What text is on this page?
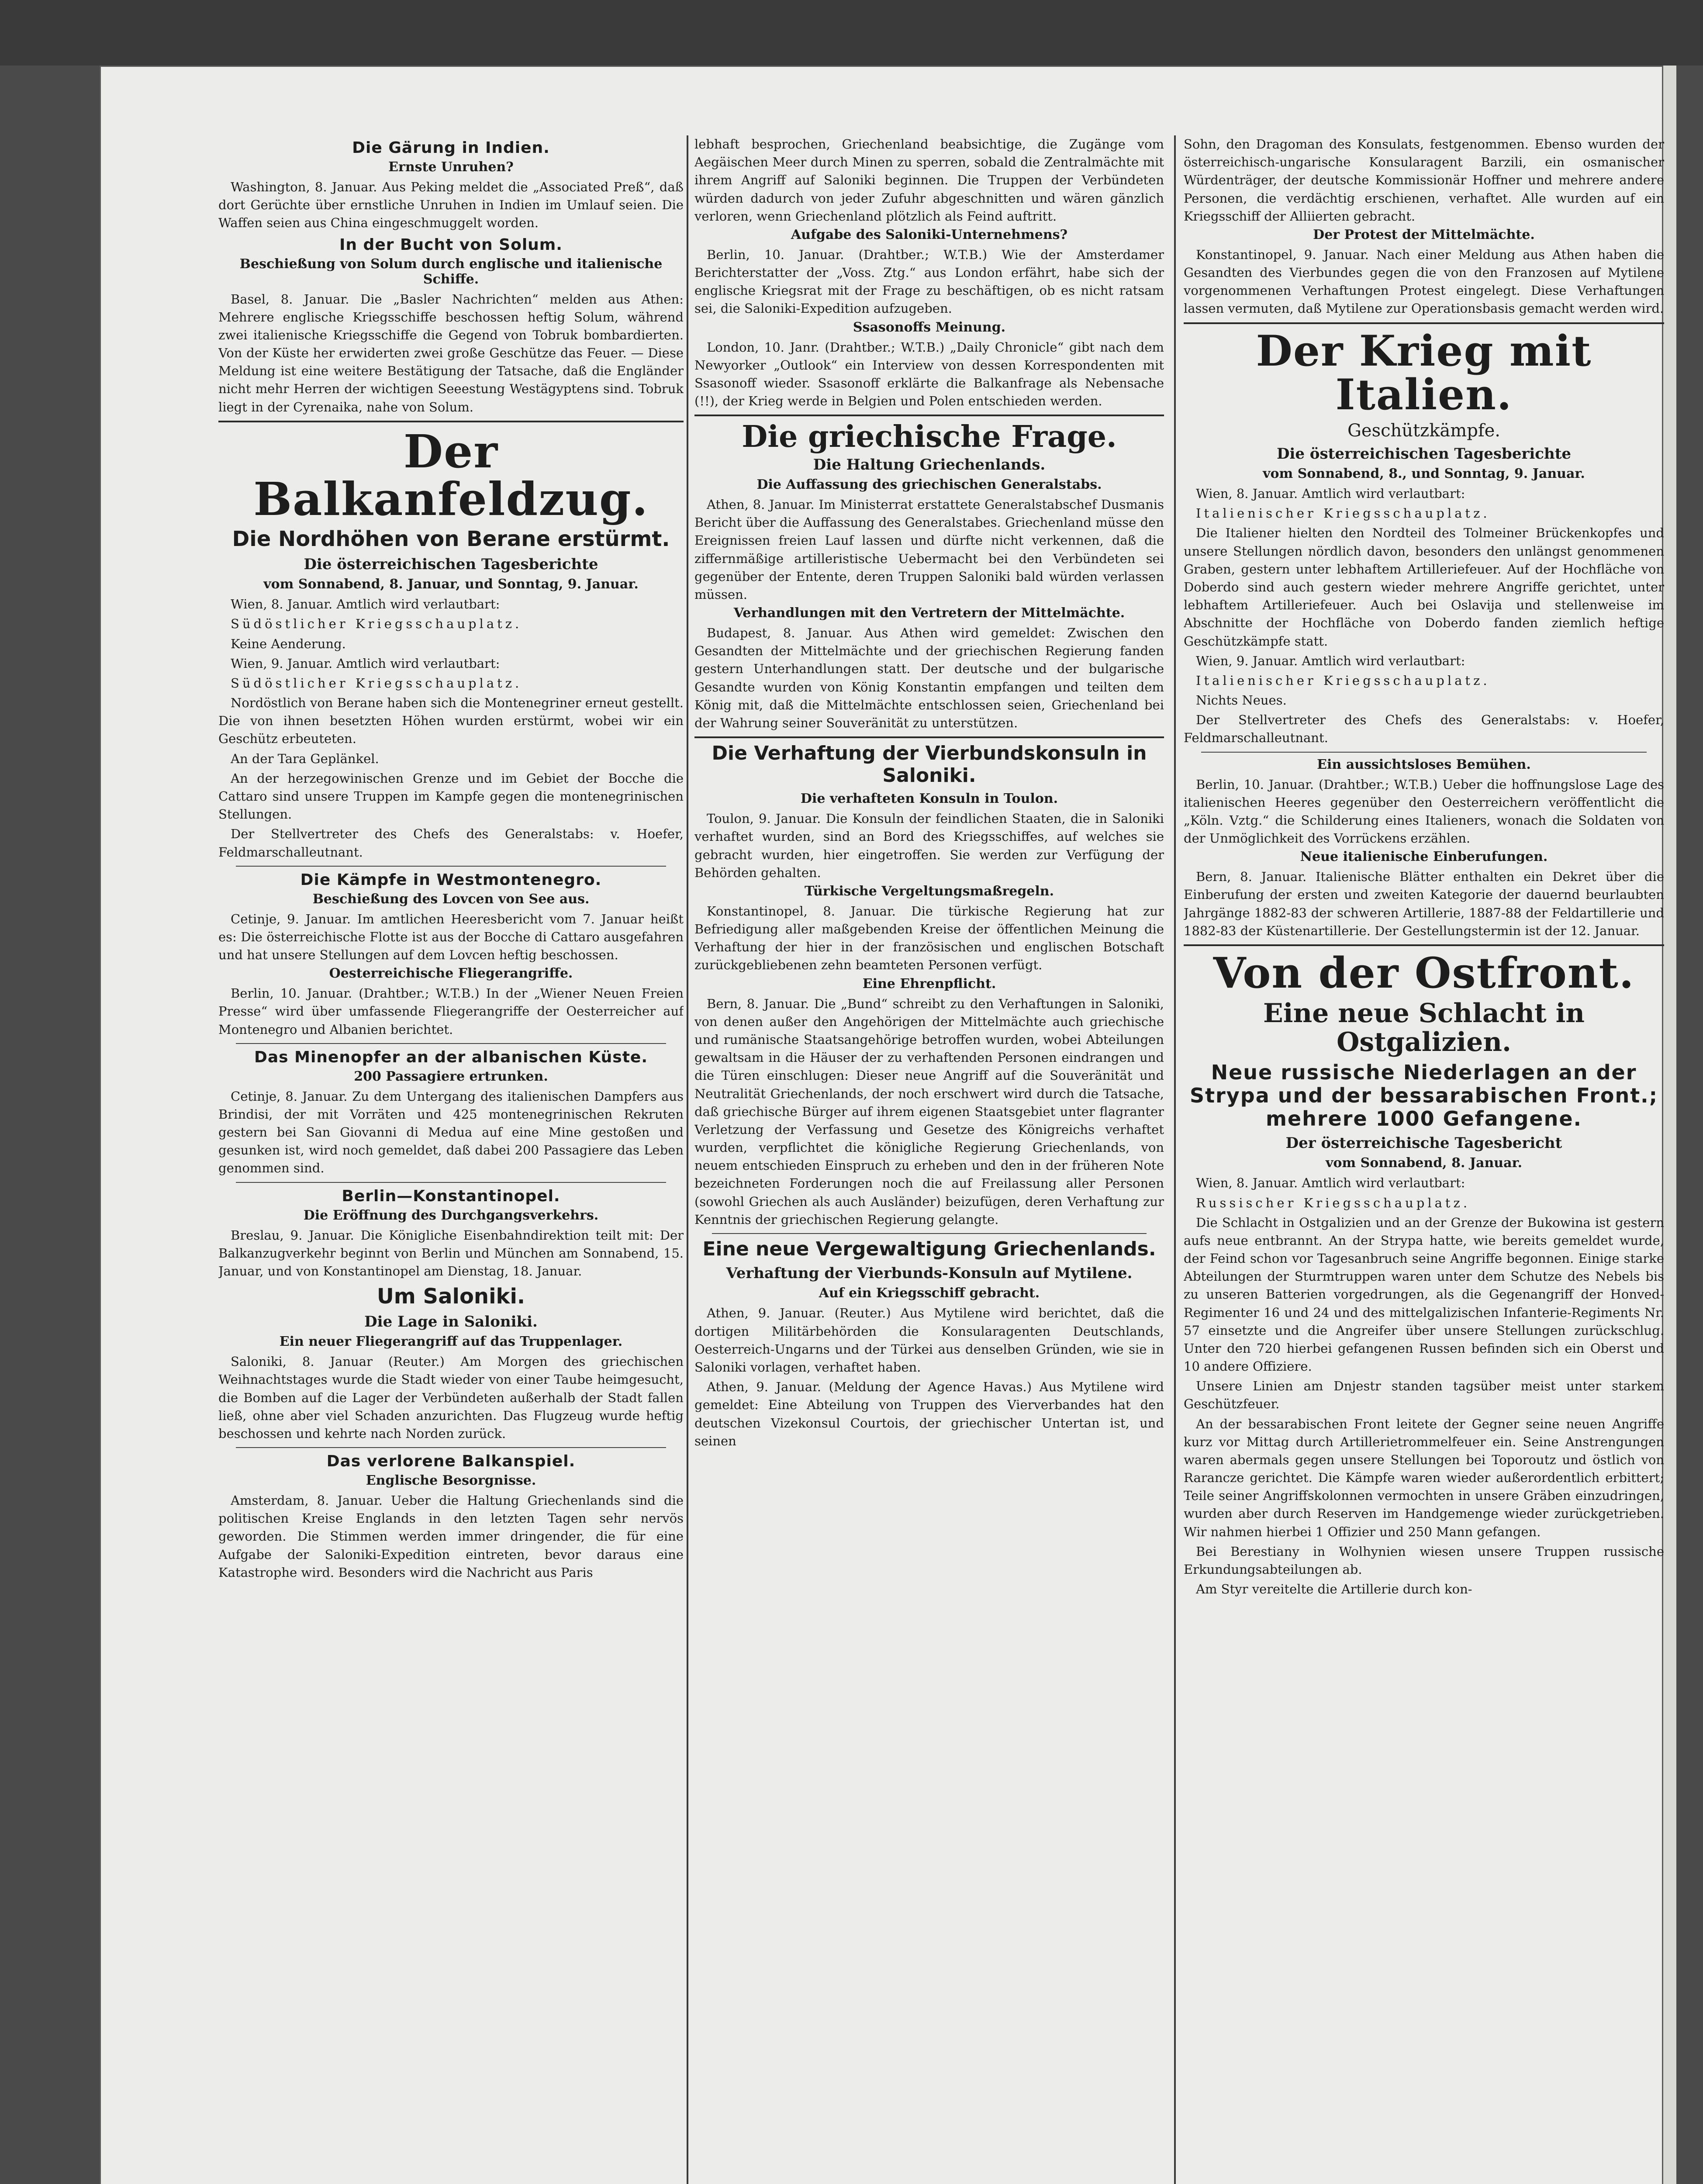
Die Gärung in Indien.
Ernste Unruhen?

Washington, 8. Januar. Aus Peking meldet die „Associated Preß“, daß dort Gerüchte über ernstliche Unruhen in Indien im Umlauf seien. Die Waffen seien aus China eingeschmuggelt worden.

In der Bucht von Solum.
Beschießung von Solum durch englische und italienische Schiffe.

Basel, 8. Januar. Die „Basler Nachrichten“ melden aus Athen: Mehrere englische Kriegsschiffe beschossen heftig Solum, während zwei italienische Kriegsschiffe die Gegend von Tobruk bombardierten. Von der Küste her erwiderten zwei große Geschütze das Feuer. — Diese Meldung ist eine weitere Bestätigung der Tatsache, daß die Engländer nicht mehr Herren der wichtigen Seeestung Westägyptens sind. Tobruk liegt in der Cyrenaika, nahe von Solum.

Der Balkanfeldzug.
Die Nordhöhen von Berane erstürmt.
Die österreichischen Tagesberichte
vom Sonnabend, 8. Januar, und Sonntag, 9. Januar.

Wien, 8. Januar. Amtlich wird verlautbart:

Südöstlicher Kriegsschauplatz.

Keine Aenderung.

Wien, 9. Januar. Amtlich wird verlautbart:

Südöstlicher Kriegsschauplatz.

Nordöstlich von Berane haben sich die Montenegriner erneut gestellt. Die von ihnen besetzten Höhen wurden erstürmt, wobei wir ein Geschütz erbeuteten.

An der Tara Geplänkel.

An der herzegowinischen Grenze und im Gebiet der Bocche die Cattaro sind unsere Truppen im Kampfe gegen die montenegrinischen Stellungen.

Der Stellvertreter des Chefs des Generalstabs: v. Hoefer, Feldmarschalleutnant.

Die Kämpfe in Westmontenegro.
Beschießung des Lovcen von See aus.

Cetinje, 9. Januar. Im amtlichen Heeresbericht vom 7. Januar heißt es: Die österreichische Flotte ist aus der Bocche di Cattaro ausgefahren und hat unsere Stellungen auf dem Lovcen heftig beschossen.

Oesterreichische Fliegerangriffe.

Berlin, 10. Januar. (Drahtber.; W.T.B.) In der „Wiener Neuen Freien Presse“ wird über umfassende Fliegerangriffe der Oesterreicher auf Montenegro und Albanien berichtet.

Das Minenopfer an der albanischen Küste.
200 Passagiere ertrunken.

Cetinje, 8. Januar. Zu dem Untergang des italienischen Dampfers aus Brindisi, der mit Vorräten und 425 montenegrinischen Rekruten gestern bei San Giovanni di Medua auf eine Mine gestoßen und gesunken ist, wird noch gemeldet, daß dabei 200 Passagiere das Leben genommen sind.

Berlin—Konstantinopel.
Die Eröffnung des Durchgangsverkehrs.

Breslau, 9. Januar. Die Königliche Eisenbahndirektion teilt mit: Der Balkanzugverkehr beginnt von Berlin und München am Sonnabend, 15. Januar, und von Konstantinopel am Dienstag, 18. Januar.

Um Saloniki.
Die Lage in Saloniki.
Ein neuer Fliegerangriff auf das Truppenlager.

Saloniki, 8. Januar (Reuter.) Am Morgen des griechischen Weihnachtstages wurde die Stadt wieder von einer Taube heimgesucht, die Bomben auf die Lager der Verbündeten außerhalb der Stadt fallen ließ, ohne aber viel Schaden anzurichten. Das Flugzeug wurde heftig beschossen und kehrte nach Norden zurück.

Das verlorene Balkanspiel.
Englische Besorgnisse.

Amsterdam, 8. Januar. Ueber die Haltung Griechenlands sind die politischen Kreise Englands in den letzten Tagen sehr nervös geworden. Die Stimmen werden immer dringender, die für eine Aufgabe der Saloniki-Expedition eintreten, bevor daraus eine Katastrophe wird. Besonders wird die Nachricht aus Paris

lebhaft besprochen, Griechenland beabsichtige, die Zugänge vom Aegäischen Meer durch Minen zu sperren, sobald die Zentralmächte mit ihrem Angriff auf Saloniki beginnen. Die Truppen der Verbündeten würden dadurch von jeder Zufuhr abgeschnitten und wären gänzlich verloren, wenn Griechenland plötzlich als Feind auftritt.

Aufgabe des Saloniki-Unternehmens?

Berlin, 10. Januar. (Drahtber.; W.T.B.) Wie der Amsterdamer Berichterstatter der „Voss. Ztg.“ aus London erfährt, habe sich der englische Kriegsrat mit der Frage zu beschäftigen, ob es nicht ratsam sei, die Saloniki-Expedition aufzugeben.

Ssasonoffs Meinung.

London, 10. Janr. (Drahtber.; W.T.B.) „Daily Chronicle“ gibt nach dem Newyorker „Outlook“ ein Interview von dessen Korrespondenten mit Ssasonoff wieder. Ssasonoff erklärte die Balkanfrage als Nebensache (!!), der Krieg werde in Belgien und Polen entschieden werden.

Die griechische Frage.
Die Haltung Griechenlands.
Die Auffassung des griechischen Generalstabs.

Athen, 8. Januar. Im Ministerrat erstattete Generalstabschef Dusmanis Bericht über die Auffassung des Generalstabes. Griechenland müsse den Ereignissen freien Lauf lassen und dürfte nicht verkennen, daß die ziffernmäßige artilleristische Uebermacht bei den Verbündeten sei gegenüber der Entente, deren Truppen Saloniki bald würden verlassen müssen.

Verhandlungen mit den Vertretern der Mittelmächte.

Budapest, 8. Januar. Aus Athen wird gemeldet: Zwischen den Gesandten der Mittelmächte und der griechischen Regierung fanden gestern Unterhandlungen statt. Der deutsche und der bulgarische Gesandte wurden von König Konstantin empfangen und teilten dem König mit, daß die Mittelmächte entschlossen seien, Griechenland bei der Wahrung seiner Souveränität zu unterstützen.

Die Verhaftung der Vierbundskonsuln in Saloniki.
Die verhafteten Konsuln in Toulon.

Toulon, 9. Januar. Die Konsuln der feindlichen Staaten, die in Saloniki verhaftet wurden, sind an Bord des Kriegsschiffes, auf welches sie gebracht wurden, hier eingetroffen. Sie werden zur Verfügung der Behörden gehalten.

Türkische Vergeltungsmaßregeln.

Konstantinopel, 8. Januar. Die türkische Regierung hat zur Befriedigung aller maßgebenden Kreise der öffentlichen Meinung die Verhaftung der hier in der französischen und englischen Botschaft zurückgebliebenen zehn beamteten Personen verfügt.

Eine Ehrenpflicht.

Bern, 8. Januar. Die „Bund“ schreibt zu den Verhaftungen in Saloniki, von denen außer den Angehörigen der Mittelmächte auch griechische und rumänische Staatsangehörige betroffen wurden, wobei Abteilungen gewaltsam in die Häuser der zu verhaftenden Personen eindrangen und die Türen einschlugen: Dieser neue Angriff auf die Souveränität und Neutralität Griechenlands, der noch erschwert wird durch die Tatsache, daß griechische Bürger auf ihrem eigenen Staatsgebiet unter flagranter Verletzung der Verfassung und Gesetze des Königreichs verhaftet wurden, verpflichtet die königliche Regierung Griechenlands, von neuem entschieden Einspruch zu erheben und den in der früheren Note bezeichneten Forderungen noch die auf Freilassung aller Personen (sowohl Griechen als auch Ausländer) beizufügen, deren Verhaftung zur Kenntnis der griechischen Regierung gelangte.

Eine neue Vergewaltigung Griechenlands.
Verhaftung der Vierbunds-Konsuln auf Mytilene.
Auf ein Kriegsschiff gebracht.

Athen, 9. Januar. (Reuter.) Aus Mytilene wird berichtet, daß die dortigen Militärbehörden die Konsularagenten Deutschlands, Oesterreich-Ungarns und der Türkei aus denselben Gründen, wie sie in Saloniki vorlagen, verhaftet haben.

Athen, 9. Januar. (Meldung der Agence Havas.) Aus Mytilene wird gemeldet: Eine Abteilung von Truppen des Vierverbandes hat den deutschen Vizekonsul Courtois, der griechischer Untertan ist, und seinen

Sohn, den Dragoman des Konsulats, festgenommen. Ebenso wurden der österreichisch-ungarische Konsularagent Barzili, ein osmanischer Würdenträger, der deutsche Kommissionär Hoffner und mehrere andere Personen, die verdächtig erschienen, verhaftet. Alle wurden auf ein Kriegsschiff der Alliierten gebracht.

Der Protest der Mittelmächte.

Konstantinopel, 9. Januar. Nach einer Meldung aus Athen haben die Gesandten des Vierbundes gegen die von den Franzosen auf Mytilene vorgenommenen Verhaftungen Protest eingelegt. Diese Verhaftungen lassen vermuten, daß Mytilene zur Operationsbasis gemacht werden wird.

Der Krieg mit Italien.
Geschützkämpfe.
Die österreichischen Tagesberichte
vom Sonnabend, 8., und Sonntag, 9. Januar.

Wien, 8. Januar. Amtlich wird verlautbart:

Italienischer Kriegsschauplatz.

Die Italiener hielten den Nordteil des Tolmeiner Brückenkopfes und unsere Stellungen nördlich davon, besonders den unlängst genommenen Graben, gestern unter lebhaftem Artilleriefeuer. Auf der Hochfläche von Doberdo sind auch gestern wieder mehrere Angriffe gerichtet, unter lebhaftem Artilleriefeuer. Auch bei Oslavija und stellenweise im Abschnitte der Hochfläche von Doberdo fanden ziemlich heftige Geschützkämpfe statt.

Wien, 9. Januar. Amtlich wird verlautbart:

Italienischer Kriegsschauplatz.

Nichts Neues.

Der Stellvertreter des Chefs des Generalstabs: v. Hoefer, Feldmarschalleutnant.

Ein aussichtsloses Bemühen.

Berlin, 10. Januar. (Drahtber.; W.T.B.) Ueber die hoffnungslose Lage des italienischen Heeres gegenüber den Oesterreichern veröffentlicht die „Köln. Vztg.“ die Schilderung eines Italieners, wonach die Soldaten von der Unmöglichkeit des Vorrückens erzählen.

Neue italienische Einberufungen.

Bern, 8. Januar. Italienische Blätter enthalten ein Dekret über die Einberufung der ersten und zweiten Kategorie der dauernd beurlaubten Jahrgänge 1882-83 der schweren Artillerie, 1887-88 der Feldartillerie und 1882-83 der Küstenartillerie. Der Gestellungstermin ist der 12. Januar.

Von der Ostfront.
Eine neue Schlacht in Ostgalizien.
Neue russische Niederlagen an der Strypa und der bessarabischen Front.; mehrere 1000 Gefangene.
Der österreichische Tagesbericht
vom Sonnabend, 8. Januar.

Wien, 8. Januar. Amtlich wird verlautbart:

Russischer Kriegsschauplatz.

Die Schlacht in Ostgalizien und an der Grenze der Bukowina ist gestern aufs neue entbrannt. An der Strypa hatte, wie bereits gemeldet wurde, der Feind schon vor Tagesanbruch seine Angriffe begonnen. Einige starke Abteilungen der Sturmtruppen waren unter dem Schutze des Nebels bis zu unseren Batterien vorgedrungen, als die Gegenangriff der Honved-Regimenter 16 und 24 und des mittelgalizischen Infanterie-Regiments Nr. 57 einsetzte und die Angreifer über unsere Stellungen zurückschlug. Unter den 720 hierbei gefangenen Russen befinden sich ein Oberst und 10 andere Offiziere.

Unsere Linien am Dnjestr standen tagsüber meist unter starkem Geschützfeuer.

An der bessarabischen Front leitete der Gegner seine neuen Angriffe kurz vor Mittag durch Artillerietrommelfeuer ein. Seine Anstrengungen waren abermals gegen unsere Stellungen bei Toporoutz und östlich von Rarancze gerichtet. Die Kämpfe waren wieder außerordentlich erbittert; Teile seiner Angriffskolonnen vermochten in unsere Gräben einzudringen, wurden aber durch Reserven im Handgemenge wieder zurückgetrieben. Wir nahmen hierbei 1 Offizier und 250 Mann gefangen.

Bei Berestiany in Wolhynien wiesen unsere Truppen russische Erkundungsabteilungen ab.

Am Styr vereitelte die Artillerie durch kon-
